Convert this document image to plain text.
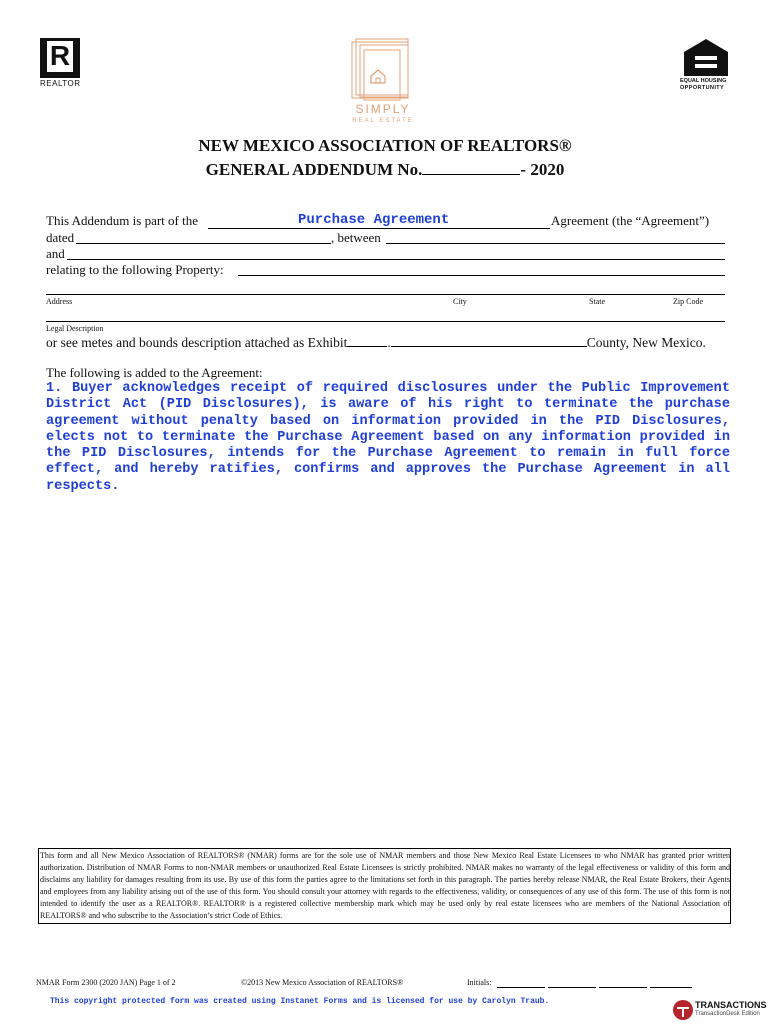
R
REALTOR
SIMPLY
REAL ESTATE
EQUAL HOUSING
OPPORTUNITY
NEW MEXICO ASSOCIATION OF REALTORS®
GENERAL ADDENDUM No.	- 2020
This Addendum is part of the	Purchase Agreement	Agreement (the “Agreement”)
dated	, between
and
relating to the following Property:
Address	City	State	Zip Code
Legal Description
or see metes and bounds description attached as Exhibit	.	County, New Mexico.
The following is added to the Agreement:
1. Buyer acknowledges receipt of required disclosures under the Public Improvement District Act (PID Disclosures), is aware of his right to terminate the purchase agreement without penalty based on information provided in the PID Disclosures, elects not to terminate the Purchase Agreement based on any information provided in the PID Disclosures, intends for the Purchase Agreement to remain in full force effect, and hereby ratifies, confirms and approves the Purchase Agreement in all respects.
This form and all New Mexico Association of REALTORS® (NMAR) forms are for the sole use of NMAR members and those New Mexico Real Estate Licensees to who NMAR has granted prior written authorization. Distribution of NMAR Forms to non-NMAR members or unauthorized Real Estate Licensees is strictly prohibited. NMAR makes no warranty of the legal effectiveness or validity of this form and disclaims any liability for damages resulting from its use. By use of this form the parties agree to the limitations set forth in this paragraph. The parties hereby release NMAR, the Real Estate Brokers, their Agents and employees from any liability arising out of the use of this form. You should consult your attorney with regards to the effectiveness, validity, or consequences of any use of this form. The use of this form is not intended to identify the user as a REALTOR®. REALTOR® is a registered collective membership mark which may be used only by real estate licensees who are members of the National Association of REALTORS® and who subscribe to the Association’s strict Code of Ethics.
NMAR Form 2300 (2020 JAN) Page 1 of 2	©2013 New Mexico Association of REALTORS®	Initials:
This copyright protected form was created using Instanet Forms and is licensed for use by Carolyn Traub.	TRANSACTIONS
TransactionDesk Edition
